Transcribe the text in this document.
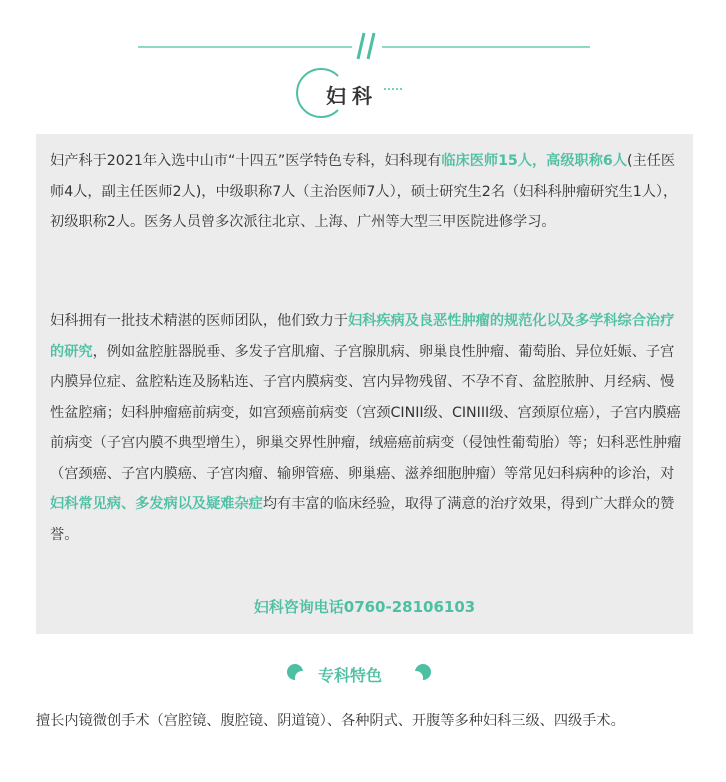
妇科

妇产科于2021年入选中山市“十四五”医学特色专科，妇科现有临床医师15人，高级职称6人(主任医师4人，副主任医师2人)，中级职称7人（主治医师7人），硕士研究生2名（妇科科肿瘤研究生1人），初级职称2人。医务人员曾多次派往北京、上海、广州等大型三甲医院进修学习。

妇科拥有一批技术精湛的医师团队，他们致力于妇科疾病及良恶性肿瘤的规范化以及多学科综合治疗的研究，例如盆腔脏器脱垂、多发子宫肌瘤、子宫腺肌病、卵巢良性肿瘤、葡萄胎、异位妊娠、子宫内膜异位症、盆腔粘连及肠粘连、子宫内膜病变、宫内异物残留、不孕不育、盆腔脓肿、月经病、慢性盆腔痛；妇科肿瘤癌前病变，如宫颈癌前病变（宫颈CINII级、CINIII级、宫颈原位癌），子宫内膜癌前病变（子宫内膜不典型增生），卵巢交界性肿瘤，绒癌癌前病变（侵蚀性葡萄胎）等；妇科恶性肿瘤（宫颈癌、子宫内膜癌、子宫肉瘤、输卵管癌、卵巢癌、滋养细胞肿瘤）等常见妇科病种的诊治，对妇科常见病、多发病以及疑难杂症均有丰富的临床经验，取得了满意的治疗效果，得到广大群众的赞誉。

妇科咨询电话0760-28106103
专科特色

擅长内镜微创手术（宫腔镜、腹腔镜、阴道镜）、各种阴式、开腹等多种妇科三级、四级手术。
